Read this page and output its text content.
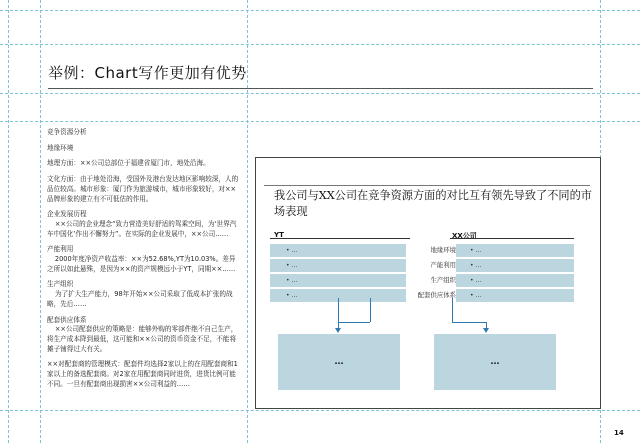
举例：Chart写作更加有优势

竞争资源分析

地缘环境

地理方面：××公司总部位于福建省厦门市，地处沿海。

文化方面：由于地处沿海，受国外及港台发达地区影响较深，人的品位较高。城市形象：厦门作为旅游城市，城市形象较好，对××品牌形象的建立有不可低估的作用。

企业发展历程

××公司的企业理念“致力营造美好舒适的驾乘空间，为‘世界汽车中国化’作出不懈努力”。在实际的企业发展中，××公司……

产能利用

2000年度净资产收益率：××为52.68%,YT为10.03%。差异之所以如此悬殊，是因为××的资产规模远小于YT，同期××……

生产组织

为了扩大生产能力，98年开始××公司采取了低成本扩张的战略，先后……

配套供应体系

××公司配套供应的策略是：能够外购的零部件绝不自己生产，将生产成本降到最低，这可能和××公司的资币资金不足，不能将摊子铺得过大有关。

××对配套商的管理模式：配套件均选择2家以上的在用配套商和1家以上的备选配套商。对2家在用配套商同时进货，进货比例可能不同。一旦有配套商出现损害××公司利益的……

我公司与XX公司在竞争资源方面的对比互有领先导致了不同的市场表现
YT	XX公司
• …	地缘环境 • …
• …	产能利用 • …
• …	生产组织 • …
• …	配套供应体系 • …
…	…
14
